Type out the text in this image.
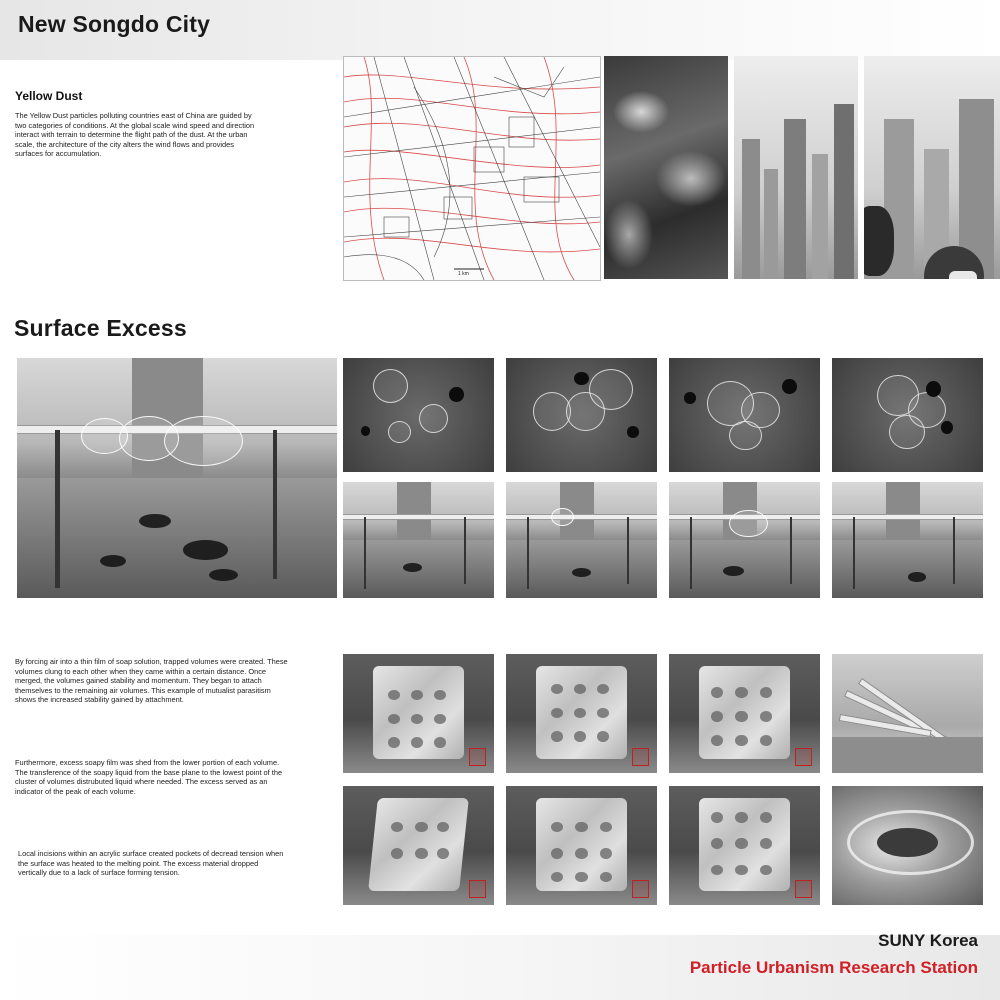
New Songdo City
Yellow Dust

The Yellow Dust particles polluting countries east of China are guided by two categories of conditions. At the global scale wind speed and direction interact with terrain to determine the flight path of the dust. At the urban scale, the architecture of the city alters the wind flows and provides surfaces for accumulation.

1 km
Surface Excess

By forcing air into a thin film of soap solution, trapped volumes were created. These volumes clung to each other when they came within a certain distance. Once merged, the volumes gained stability and momentum. They began to attach themselves to the remaining air volumes. This example of mutualist parasitism shows the increased stability gained by attachment.

Furthermore, excess soapy film was shed from the lower portion of each volume. The transference of the soapy liquid from the base plane to the lowest point of the cluster of volumes distrubuted liquid where needed. The excess served as an indicator of the peak of each volume.

Local incisions within an acrylic surface created pockets of decread tension when the surface was heated to the melting point. The excess material dropped vertically due to a lack of surface forming tension.

SUNY Korea
Particle Urbanism Research Station
